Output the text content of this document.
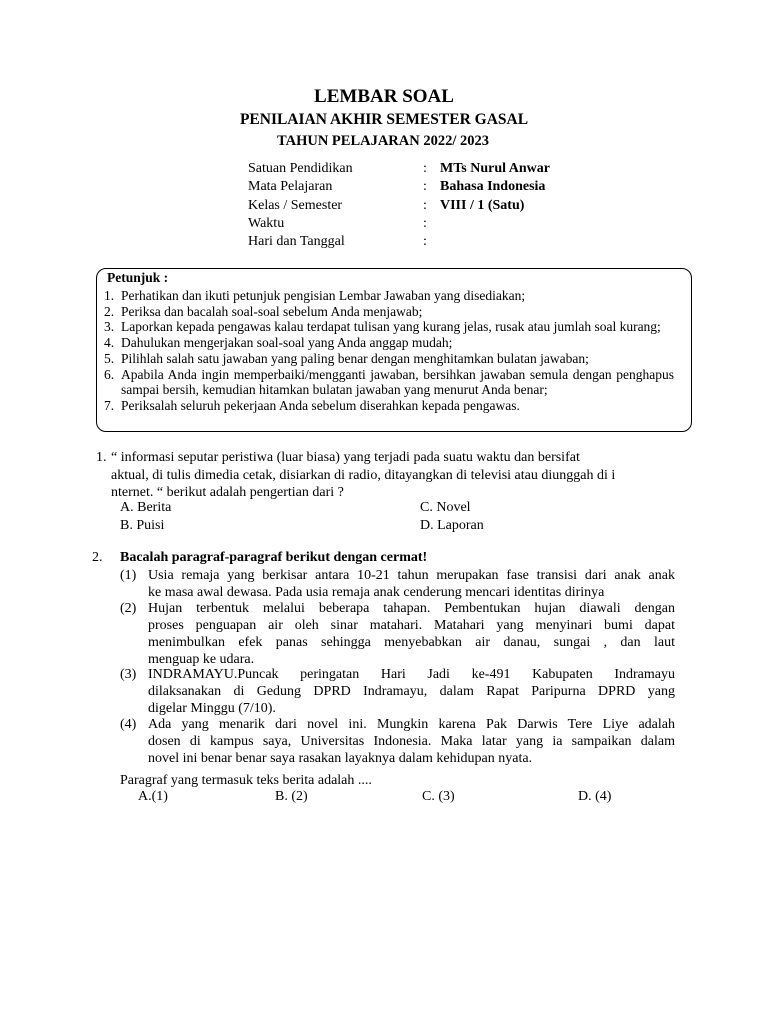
LEMBAR SOAL
PENILAIAN AKHIR SEMESTER GASAL
TAHUN PELAJARAN 2022/ 2023
Satuan Pendidikan	: MTs Nurul Anwar
Mata Pelajaran	: Bahasa Indonesia
Kelas / Semester	: VIII / 1 (Satu)
Waktu	:
Hari dan Tanggal	:
Petunjuk :
1. Perhatikan dan ikuti petunjuk pengisian Lembar Jawaban yang disediakan;
2. Periksa dan bacalah soal-soal sebelum Anda menjawab;
3. Laporkan kepada pengawas kalau terdapat tulisan yang kurang jelas, rusak atau jumlah soal kurang;
4. Dahulukan mengerjakan soal-soal yang Anda anggap mudah;
5. Pilihlah salah satu jawaban yang paling benar dengan menghitamkan bulatan jawaban;
6. Apabila Anda ingin memperbaiki/mengganti jawaban, bersihkan jawaban semula dengan penghapus sampai bersih, kemudian hitamkan bulatan jawaban yang menurut Anda benar;
7. Periksalah seluruh pekerjaan Anda sebelum diserahkan kepada pengawas.
1. “ informasi seputar peristiwa (luar biasa) yang terjadi pada suatu waktu dan bersifat
aktual, di tulis dimedia cetak, disiarkan di radio, ditayangkan di televisi atau diunggah di i
nternet. “ berikut adalah pengertian dari ?
A. Berita	C. Novel
B. Puisi	D. Laporan
2. Bacalah paragraf-paragraf berikut dengan cermat!
(1) Usia remaja yang berkisar antara 10-21 tahun merupakan fase transisi dari anak anak
ke masa awal dewasa. Pada usia remaja anak cenderung mencari identitas dirinya
(2) Hujan terbentuk melalui beberapa tahapan. Pembentukan hujan diawali dengan
proses penguapan air oleh sinar matahari. Matahari yang menyinari bumi dapat
menimbulkan efek panas sehingga menyebabkan air danau, sungai , dan laut
menguap ke udara.
(3) INDRAMAYU.Puncak peringatan Hari Jadi ke-491 Kabupaten Indramayu
dilaksanakan di Gedung DPRD Indramayu, dalam Rapat Paripurna DPRD yang
digelar Minggu (7/10).
(4) Ada yang menarik dari novel ini. Mungkin karena Pak Darwis Tere Liye adalah
dosen di kampus saya, Universitas Indonesia. Maka latar yang ia sampaikan dalam
novel ini benar benar saya rasakan layaknya dalam kehidupan nyata.
Paragraf yang termasuk teks berita adalah ....
A.(1)	B. (2)	C. (3)	D. (4)
